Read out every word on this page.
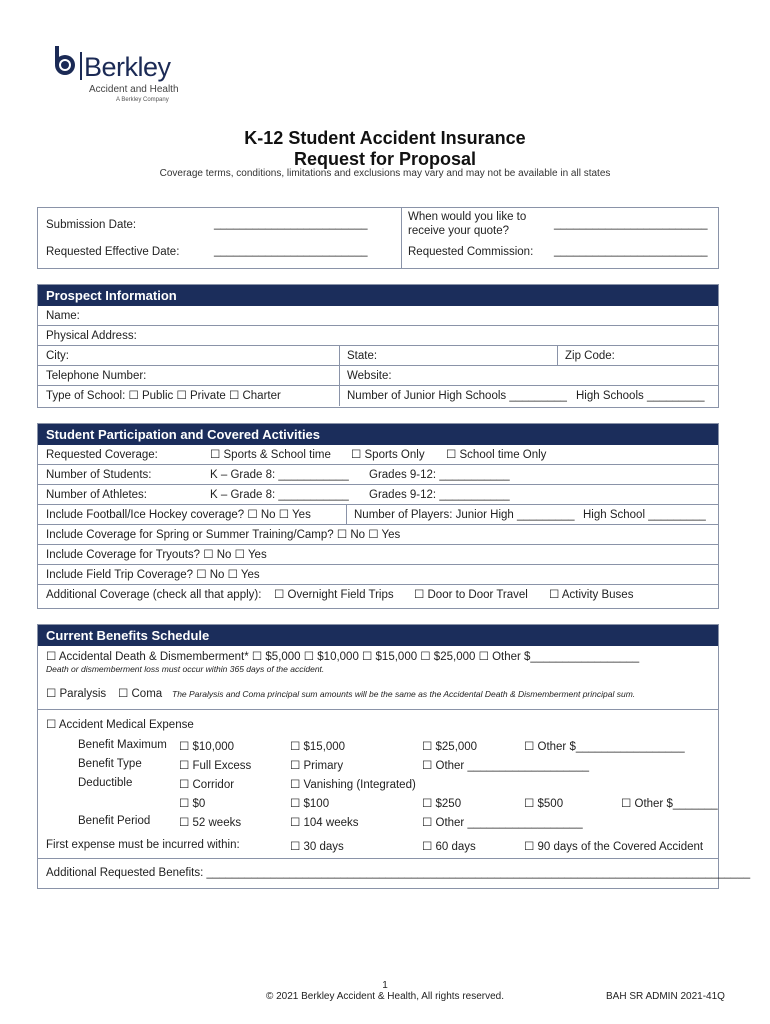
Berkley
Accident and Health
A Berkley Company
K-12 Student Accident Insurance
Request for Proposal
Coverage terms, conditions, limitations and exclusions may vary and may not be available in all states
Submission Date:	________________________
Requested Effective Date:	________________________
When would you like to
receive your quote?
________________________
Requested Commission: ________________________
Prospect Information
Name:
Physical Address:
City:	State:	Zip Code:
Telephone Number:	Website:
Type of School: ☐ Public ☐ Private ☐ Charter	Number of Junior High Schools _________ High Schools _________
Student Participation and Covered Activities
Requested Coverage:	☐ Sports & School time	☐ Sports Only	☐ School time Only
Number of Students:	K – Grade 8: ___________	Grades 9-12: ___________
Number of Athletes:	K – Grade 8: ___________	Grades 9-12: ___________
Include Football/Ice Hockey coverage? ☐ No ☐ Yes	Number of Players: Junior High _________ High School _________
Include Coverage for Spring or Summer Training/Camp? ☐ No ☐ Yes
Include Coverage for Tryouts? ☐ No ☐ Yes
Include Field Trip Coverage? ☐ No ☐ Yes
Additional Coverage (check all that apply):	☐ Overnight Field Trips	☐ Door to Door Travel	☐ Activity Buses
Current Benefits Schedule
☐ Accidental Death & Dismemberment* ☐ $5,000 ☐ $10,000 ☐ $15,000 ☐ $25,000 ☐ Other $_________________
Death or dismemberment loss must occur within 365 days of the accident.
☐ Paralysis ☐ Coma The Paralysis and Coma principal sum amounts will be the same as the Accidental Death & Dismemberment principal sum.
☐ Accident Medical Expense
Benefit Maximum ☐ $10,000	☐ $15,000	☐ $25,000	☐ Other $_________________
Benefit Type	☐ Full Excess	☐ Primary	☐ Other ___________________
Deductible	☐ Corridor	☐ Vanishing (Integrated)
☐ $0	☐ $100	☐ $250	☐ $500	☐ Other $_______
Benefit Period	☐ 52 weeks	☐ 104 weeks	☐ Other __________________
First expense must be incurred within:	☐ 30 days	☐ 60 days	☐ 90 days of the Covered Accident
Additional Requested Benefits: _____________________________________________________________________________________
1
© 2021 Berkley Accident & Health, All rights reserved.	BAH SR ADMIN 2021-41Q
